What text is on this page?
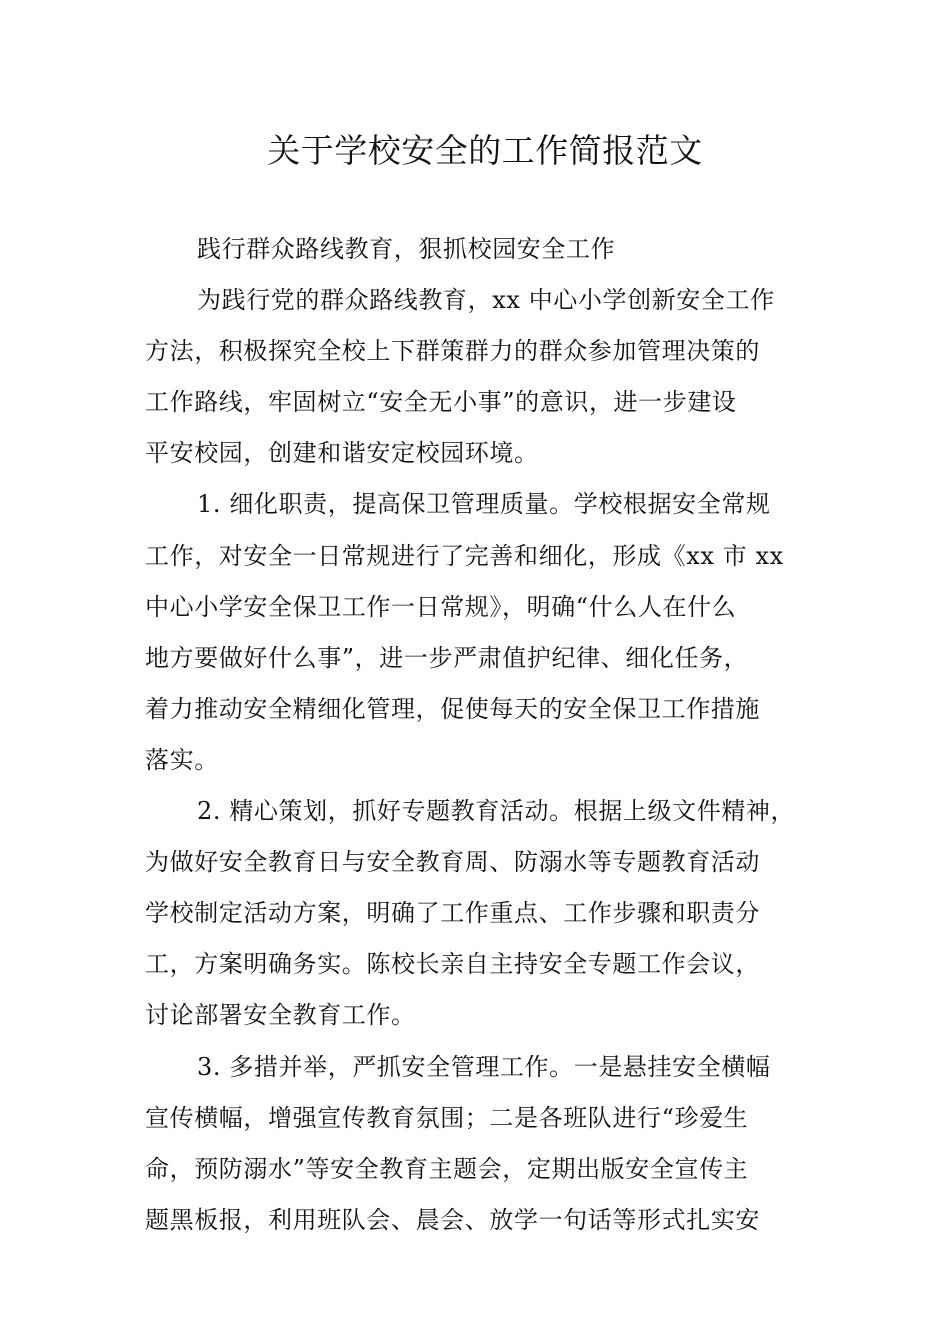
关于学校安全的工作简报范文
践行群众路线教育，狠抓校园安全工作
为践行党的群众路线教育，xx 中心小学创新安全工作
方法，积极探究全校上下群策群力的群众参加管理决策的
工作路线，牢固树立“安全无小事”的意识，进一步建设
平安校园，创建和谐安定校园环境。
1. 细化职责，提高保卫管理质量。学校根据安全常规
工作，对安全一日常规进行了完善和细化，形成《xx 市 xx
中心小学安全保卫工作一日常规》，明确“什么人在什么
地方要做好什么事”，进一步严肃值护纪律、细化任务，
着力推动安全精细化管理，促使每天的安全保卫工作措施
落实。
2. 精心策划，抓好专题教育活动。根据上级文件精神，
为做好安全教育日与安全教育周、防溺水等专题教育活动
学校制定活动方案，明确了工作重点、工作步骤和职责分
工，方案明确务实。陈校长亲自主持安全专题工作会议，
讨论部署安全教育工作。
3. 多措并举，严抓安全管理工作。一是悬挂安全横幅
宣传横幅，增强宣传教育氛围；二是各班队进行“珍爱生
命，预防溺水”等安全教育主题会，定期出版安全宣传主
题黑板报，利用班队会、晨会、放学一句话等形式扎实安
